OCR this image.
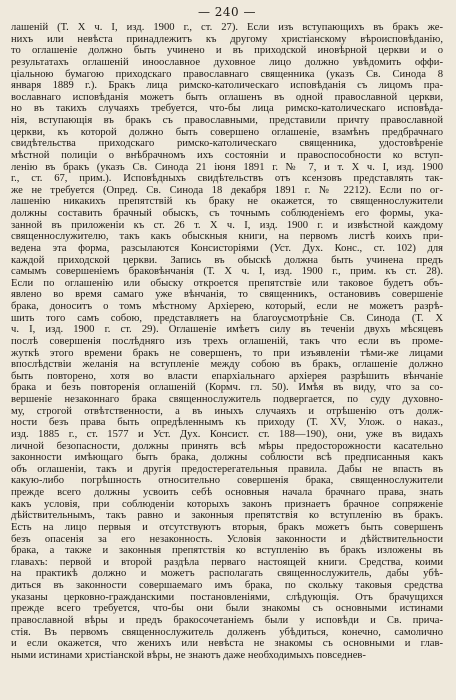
— 240 —
лашеній (Т. X ч. I, изд. 1900 г., ст. 27). Если изъ вступающихъ въ бракъ же-
ниxъ или невѣста принадлежитъ къ другому христіанскому вѣроисповѣданію,
то оглашеніе должно быть учинено и въ приходской иновѣрной церкви и о
результатахъ оглашеній иноославное духовное лицо должно увѣдомить оффи-
ціальною бумагою приходскаго православнаго священника (указъ Св. Синода 8
января 1889 г.). Бракъ лица римско-католическаго исповѣданія съ лицомъ пра-
вославнаго исповѣданія можетъ быть оглашенъ въ одной православной церкви,
но въ такихъ случаяхъ требуется, что-бы лица римско-католическаго исповѣда-
нія, вступающія въ бракъ съ православными, представили причту православной
церкви, къ которой должно быть совершено оглашеніе, взамѣнъ предбрачнаго
свидѣтельства приходскаго римско-католическаго священника, удостовѣреніе
мѣстной полиціи о внѣбрачномъ ихъ состояніи и правоспособности ко вступ-
ленію въ бракъ (указъ Св. Синода 21 іюня 1891 г. № 7, и т. X ч. I, изд. 1900
г., ст. 67, прим.). Исповѣдныхъ свидѣтельствъ отъ ксензовъ представлять так-
же не требуется (Опред. Св. Синода 18 декабря 1891 г. № 2212). Если по ог-
лашенію никакихъ препятствій къ браку не окажется, то священнослужители
должны составить брачный обыскъ, съ точнымъ соблюденіемъ его формы, ука-
занной въ приложеніи къ ст. 26 т. X ч. I, изд. 1900 г. и извѣстной каждому
священнослужителю, такъ какъ обыскныя книги, на первомъ листѣ коихъ при-
ведена эта форма, разсылаются Консисторіями (Уст. Дух. Конс., ст. 102) для
каждой приходской церкви. Запись въ обыскѣ должна быть учинена предъ
самымъ совершеніемъ браковѣнчанія (Т. X ч. I, изд. 1900 г., прим. къ ст. 28).
Если по оглашенію или обыску откроется препятствіе или таковое будетъ объ-
явлено во время самаго уже вѣнчанія, то священникъ, остановивъ совершеніе
брака, доноситъ о томъ мѣстному Архіерею, который, если не можетъ разрѣ-
шить того самъ собою, представляетъ на благоусмотрѣніе Св. Синода (Т. X
ч. I, изд. 1900 г. ст. 29). Оглашеніе имѣетъ силу въ теченіи двухъ мѣсяцевъ
послѣ совершенія послѣдняго изъ трехъ оглашеній, такъ что если въ проме-
жуткѣ этого времени бракъ не совершенъ, то при изъявленіи тѣми-же лицами
впослѣдствіи желанія на вступленіе между собою въ бракъ, оглашеніе должно
быть повторено, хотя во власти епархіальнаго архіерея разрѣшить вѣнчаніе
брака и безъ повторенія оглашеній (Кормч. гл. 50). Имѣя въ виду, что за со-
вершеніе незаконнаго брака священнослужитель подвергается, по суду духовно-
му, строгой отвѣтственности, а въ иныхъ случаяхъ и отрѣшенію отъ долж-
ности безъ права быть опредѣленнымъ къ приходу (Т. XV, Улож. о наказ.,
изд. 1885 г., ст. 1577 и Уст. Дух. Консист. ст. 188—190), они, уже въ видахъ
личной безопасности, должны принять всѣ мѣры предосторожности касательно
законности имѣющаго быть брака, должны соблюсти всѣ предписанныя какъ
объ оглашеніи, такъ и другія предостерегательныя правила. Дабы не впасть въ
какую-либо погрѣшность относительно совершенія брака, священнослужители
прежде всего должны усвоить себѣ основныя начала брачнаго права, знать
какъ условія, при соблюденіи которыхъ законъ признаетъ брачное сопряженіе
дѣйствительнымъ, такъ равно и законныя препятствія ко вступленію въ бракъ.
Есть на лицо первыя и отсутствуютъ вторыя, бракъ можетъ быть совершенъ
безъ опасенія за его незаконность. Условія законности и дѣйствительности
брака, а также и законныя препятствія ко вступленію въ бракъ изложены въ
главахъ: первой и второй раздѣла перваго настоящей книги. Средства, коими
на практикѣ должно и можетъ располагать священнослужитель, дабы убѣ-
диться въ законности совершаемаго имъ брака, по скольку таковыя средства
указаны церковно-гражданскими постановленіями, слѣдующія. Отъ брачущихся
прежде всего требуется, что-бы они были знакомы съ основными истинами
православной вѣры и предъ бракосочетаніемъ были у исповѣди и Св. прича-
стія. Въ первомъ священнослужитель долженъ убѣдиться, конечно, самолично
и если окажется, что жениxъ или невѣста не знакомы съ основными и глав-
ными истинами христіанской вѣры, не знаютъ даже необходимыхъ повседнев-
